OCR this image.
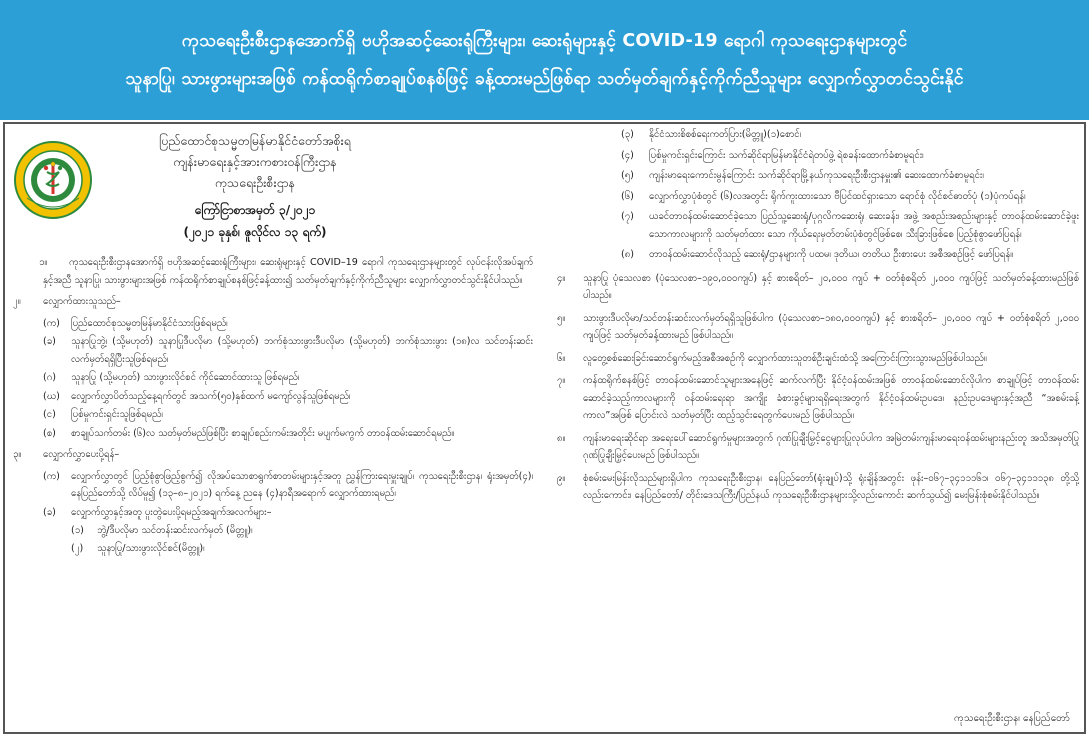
ကုသရေးဦးစီးဌာနအောက်ရှိ ဗဟိုအဆင့်ဆေးရုံကြီးများ၊ ဆေးရုံများနှင့် COVID-19 ရောဂါ ကုသရေးဌာနများတွင်
သူနာပြု၊ သားဖွားများအဖြစ် ကန်ထရိုက်စာချုပ်စနစ်ဖြင့် ခန့်ထားမည်ဖြစ်ရာ သတ်မှတ်ချက်နှင့်ကိုက်ညီသူများ လျှောက်လွှာတင်သွင်းနိုင်
ပြည်ထောင်စုသမ္မတမြန်မာနိုင်ငံတော်အစိုးရ
ကျန်းမာရေးနှင့်အားကစားဝန်ကြီးဌာန
ကုသရေးဦးစီးဌာန
ကြော်ငြာစာအမှတ် ၃/၂၀၂၁
(၂၀၂၁ ခုနှစ်၊ ဇူလိုင်လ ၁၃ ရက်)
၁။ ကုသရေးဦးစီးဌာနအောက်ရှိ ဗဟိုအဆင့်ဆေးရုံကြီးများ၊ ဆေးရုံများနှင့် COVID–19 ရောဂါ ကုသရေးဌာနများတွင် လုပ်ငန်းလိုအပ်ချက်နှင့်အညီ သူနာပြု၊ သားဖွားများအဖြစ် ကန်ထရိုက်စာချုပ်စနစ်ဖြင့်ခန့်ထား၍ သတ်မှတ်ချက်နှင့်ကိုက်ညီသူများ လျှောက်လွှာတင်သွင်းနိုင်ပါသည်။
၂။	လျှောက်ထားသူသည်–
(က)	ပြည်ထောင်စုသမ္မတမြန်မာနိုင်ငံသားဖြစ်ရမည်၊
(ခ)	သူနာပြုဘွဲ့၊ (သို့မဟုတ်) သူနာပြုဒီပလိုမာ (သို့မဟုတ်) ဘက်စုံသားဖွားဒီပလိုမာ (သို့မဟုတ်) ဘက်စုံသားဖွား (၁၈)လ သင်တန်းဆင်းလက်မှတ်ရရှိပြီးသူဖြစ်ရမည်၊
(ဂ)	သူနာပြု (သို့မဟုတ်) သားဖွားလိုင်စင် ကိုင်ဆောင်ထားသူ ဖြစ်ရမည်၊
(ဃ)	လျှောက်လွှာပိတ်သည့်နေ့ရက်တွင် အသက်(၅၀)နှစ်ထက် မကျော်လွန်သူဖြစ်ရမည်၊
(င)	ပြစ်မှုကင်းရှင်းသူဖြစ်ရမည်၊
(စ)	စာချုပ်သက်တမ်း (၆)လ သတ်မှတ်မည်ဖြစ်ပြီး စာချုပ်စည်းကမ်းအတိုင်း မပျက်မကွက် တာဝန်ထမ်းဆောင်ရမည်။
၃။	လျှောက်လွှာပေးပို့ရန်–
(က)	လျှောက်လွှာတွင် ပြည့်စုံစွာဖြည့်စွက်၍ လိုအပ်သောစာရွက်စာတမ်းများနှင့်အတူ ညွှန်ကြားရေးမှူးချုပ်၊ ကုသရေးဦးစီးဌာန၊ ရုံးအမှတ်(၄)၊ နေပြည်တော်သို့ လိပ်မူ၍ (၁၃–၈–၂၀၂၁) ရက်နေ့ ညနေ (၄)နာရီအရောက် လျှောက်ထားရမည်၊
(ခ)	လျှောက်လွှာနှင့်အတူ ပူးတွဲပေးပို့ရမည့်အချက်အလက်များ–
(၁)	ဘွဲ့/ဒီပလိုမာ သင်တန်းဆင်းလက်မှတ် (မိတ္တူ)၊
(၂)	သူနာပြု/သားဖွားလိုင်စင်(မိတ္တူ)၊
(၃)	နိုင်ငံသားစိစစ်ရေးကတ်ပြား(မိတ္တူ)(၁)စောင်၊
(၄)	ပြစ်မှုကင်းရှင်းကြောင်း သက်ဆိုင်ရာမြန်မာနိုင်ငံရဲတပ်ဖွဲ့ ရဲစခန်းထောက်ခံစာမူရင်း၊
(၅)	ကျန်းမာရေးကောင်းမွန်ကြောင်း သက်ဆိုင်ရာမြို့နယ်ကုသရေးဦးစီးဌာနမှူး၏ ဆေးထောက်ခံစာမူရင်း၊
(၆)	လျှောက်လွှာပုံစံတွင် (၆)လအတွင်း ရိုက်ကူးထားသော ဗီပြင်ထင်ရှားသော ရောင်စုံ လိုင်စင်ဓာတ်ပုံ (၁)ပုံကပ်ရန်၊
(၇)	ယခင်တာဝန်ထမ်းဆောင်ခဲ့သော ပြည်သူ့ဆေးရုံ/ပုဂ္ဂလိကဆေးရုံ၊ ဆေးခန်း၊ အဖွဲ့ အစည်းအစည်းများနှင့် တာဝန်ထမ်းဆောင်ခဲ့ဖူးသောကာလများကို သတ်မှတ်ထား သော ကိုယ်ရေးမှတ်တမ်းပုံစံတွင်ဖြစ်စေ၊ သီးခြားဖြစ်စေ ပြည့်စုံစွာဖော်ပြရန်၊
(၈)	တာဝန်ထမ်းဆောင်လိုသည့် ဆေးရုံ/ဌာနများကို ပထမ၊ ဒုတိယ၊ တတိယ ဦးစားပေး အစီအစဉ်ဖြင့် ဖော်ပြရန်။
၄။	သူနာပြု ပုံသေလစာ (ပုံသေလစာ–၁၉၀,၀၀၀ကျပ်) နှင့် စားစရိတ်– ၂၀,၀၀၀ ကျပ် + ဝတ်စုံစရိတ် ၂,၀၀၀ ကျပ်ဖြင့် သတ်မှတ်ခန့်ထားမည်ဖြစ်ပါသည်။
၅။	သားဖွားဒီပလိုမာ/သင်တန်းဆင်းလက်မှတ်ရရှိသူဖြစ်ပါက (ပုံသေလစာ–၁၈၀,၀၀၀ကျပ်) နှင့် စားစရိတ်– ၂၀,၀၀၀ ကျပ် + ဝတ်စုံစရိတ် ၂,၀၀၀ ကျပ်ဖြင့် သတ်မှတ်ခန့်ထားမည် ဖြစ်ပါသည်။
၆။	လူတွေ့စစ်ဆေးခြင်းဆောင်ရွက်မည့်အစီအစဉ်ကို လျှောက်ထားသူတစ်ဦးချင်းထံသို့ အကြောင်းကြားသွားမည်ဖြစ်ပါသည်။
၇။	ကန်ထရိုက်စနစ်ဖြင့် တာဝန်ထမ်းဆောင်သူများအနေဖြင့် ဆက်လက်ပြီး နိုင်ငံ့ဝန်ထမ်းအဖြစ် တာဝန်ထမ်းဆောင်လိုပါက စာချုပ်ဖြင့် တာဝန်ထမ်းဆောင်ခဲ့သည့်ကာလများကို ဝန်ထမ်းရေးရာ အကျိုး ခံစားခွင့်များရရှိရေးအတွက် နိုင်ငံ့ဝန်ထမ်းဥပဒေ၊ နည်းဥပဒေများနှင့်အညီ “အစမ်းခန့်ကာလ”အဖြစ် ပြောင်းလဲ သတ်မှတ်ပြီး ထည့်သွင်းရေတွက်ပေးမည် ဖြစ်ပါသည်။
၈။	ကျန်းမာရေးဆိုင်ရာ အရေးပေါ်ဆောင်ရွက်မှုများအတွက် ဂုဏ်ပြုချီးမြှင့်ငွေများပြုလုပ်ပါက အမြဲတမ်းကျန်းမာရေးဝန်ထမ်းများနည်းတူ အသိအမှတ်ပြု ဂုဏ်ပြုချီးမြှင့်ပေးမည် ဖြစ်ပါသည်။
၉။	စုံစမ်းမေးမြန်းလိုသည်များရှိပါက ကုသရေးဦးစီးဌာန၊ နေပြည်တော်(ရုံးချုပ်)သို့ ရုံးချိန်အတွင်း ဖုန်း–၀၆၇–၃၄၁၁၁၆၁၊ ၀၆၇–၃၄၁၁၁၃၈ တို့သို့လည်းကောင်း၊ နေပြည်တော်/ တိုင်းဒေသကြီး/ပြည်နယ် ကုသရေးဦးစီးဌာနများသို့လည်းကောင်း ဆက်သွယ်၍ မေးမြန်းစုံစမ်းနိုင်ပါသည်။
ကုသရေးဦးစီးဌာန၊ နေပြည်တော်
